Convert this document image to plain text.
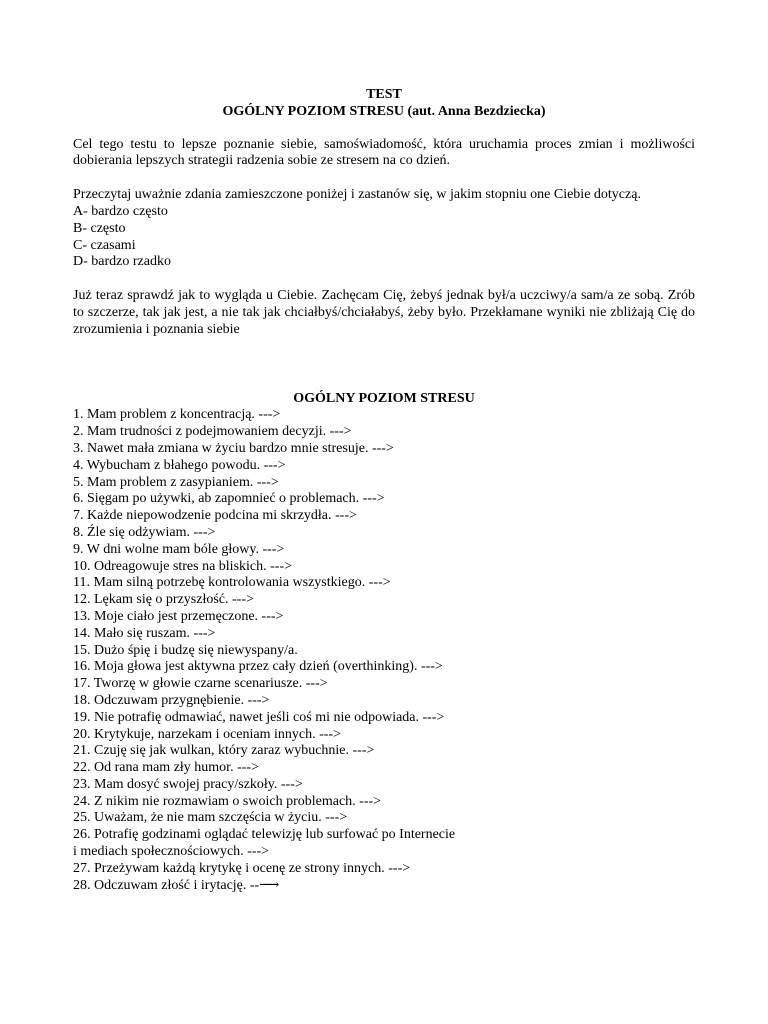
TEST
OGÓLNY POZIOM STRESU (aut. Anna Bezdziecka)

Cel tego testu to lepsze poznanie siebie, samoświadomość, która uruchamia proces zmian i możliwości dobierania lepszych strategii radzenia sobie ze stresem na co dzień.

Przeczytaj uważnie zdania zamieszczone poniżej i zastanów się, w jakim stopniu one Ciebie dotyczą.

A- bardzo często
B- często
C- czasami
D- bardzo rzadko

Już teraz sprawdź jak to wygląda u Ciebie. Zachęcam Cię, żebyś jednak był/a uczciwy/a sam/a ze sobą. Zrób to szczerze, tak jak jest, a nie tak jak chciałbyś/chciałabyś, żeby było. Przekłamane wyniki nie zbliżają Cię do zrozumienia i poznania siebie

OGÓLNY POZIOM STRESU
1. Mam problem z koncentracją. --->
2. Mam trudności z podejmowaniem decyzji. --->
3. Nawet mała zmiana w życiu bardzo mnie stresuje. --->
4. Wybucham z błahego powodu. --->
5. Mam problem z zasypianiem. --->
6. Sięgam po używki, ab zapomnieć o problemach. --->
7. Każde niepowodzenie podcina mi skrzydła. --->
8. Źle się odżywiam. --->
9. W dni wolne mam bóle głowy. --->
10. Odreagowuje stres na bliskich. --->
11. Mam silną potrzebę kontrolowania wszystkiego. --->
12. Lękam się o przyszłość. --->
13. Moje ciało jest przemęczone. --->
14. Mało się ruszam. --->
15. Dużo śpię i budzę się niewyspany/a.
16. Moja głowa jest aktywna przez cały dzień (overthinking). --->
17. Tworzę w głowie czarne scenariusze. --->
18. Odczuwam przygnębienie. --->
19. Nie potrafię odmawiać, nawet jeśli coś mi nie odpowiada. --->
20. Krytykuje, narzekam i oceniam innych. --->
21. Czuję się jak wulkan, który zaraz wybuchnie. --->
22. Od rana mam zły humor. --->
23. Mam dosyć swojej pracy/szkoły. --->
24. Z nikim nie rozmawiam o swoich problemach. --->
25. Uważam, że nie mam szczęścia w życiu. --->
26. Potrafię godzinami oglądać telewizję lub surfować po Internecie
i mediach społecznościowych. --->
27. Przeżywam każdą krytykę i ocenę ze strony innych. --->
28. Odczuwam złość i irytację. --⟶
